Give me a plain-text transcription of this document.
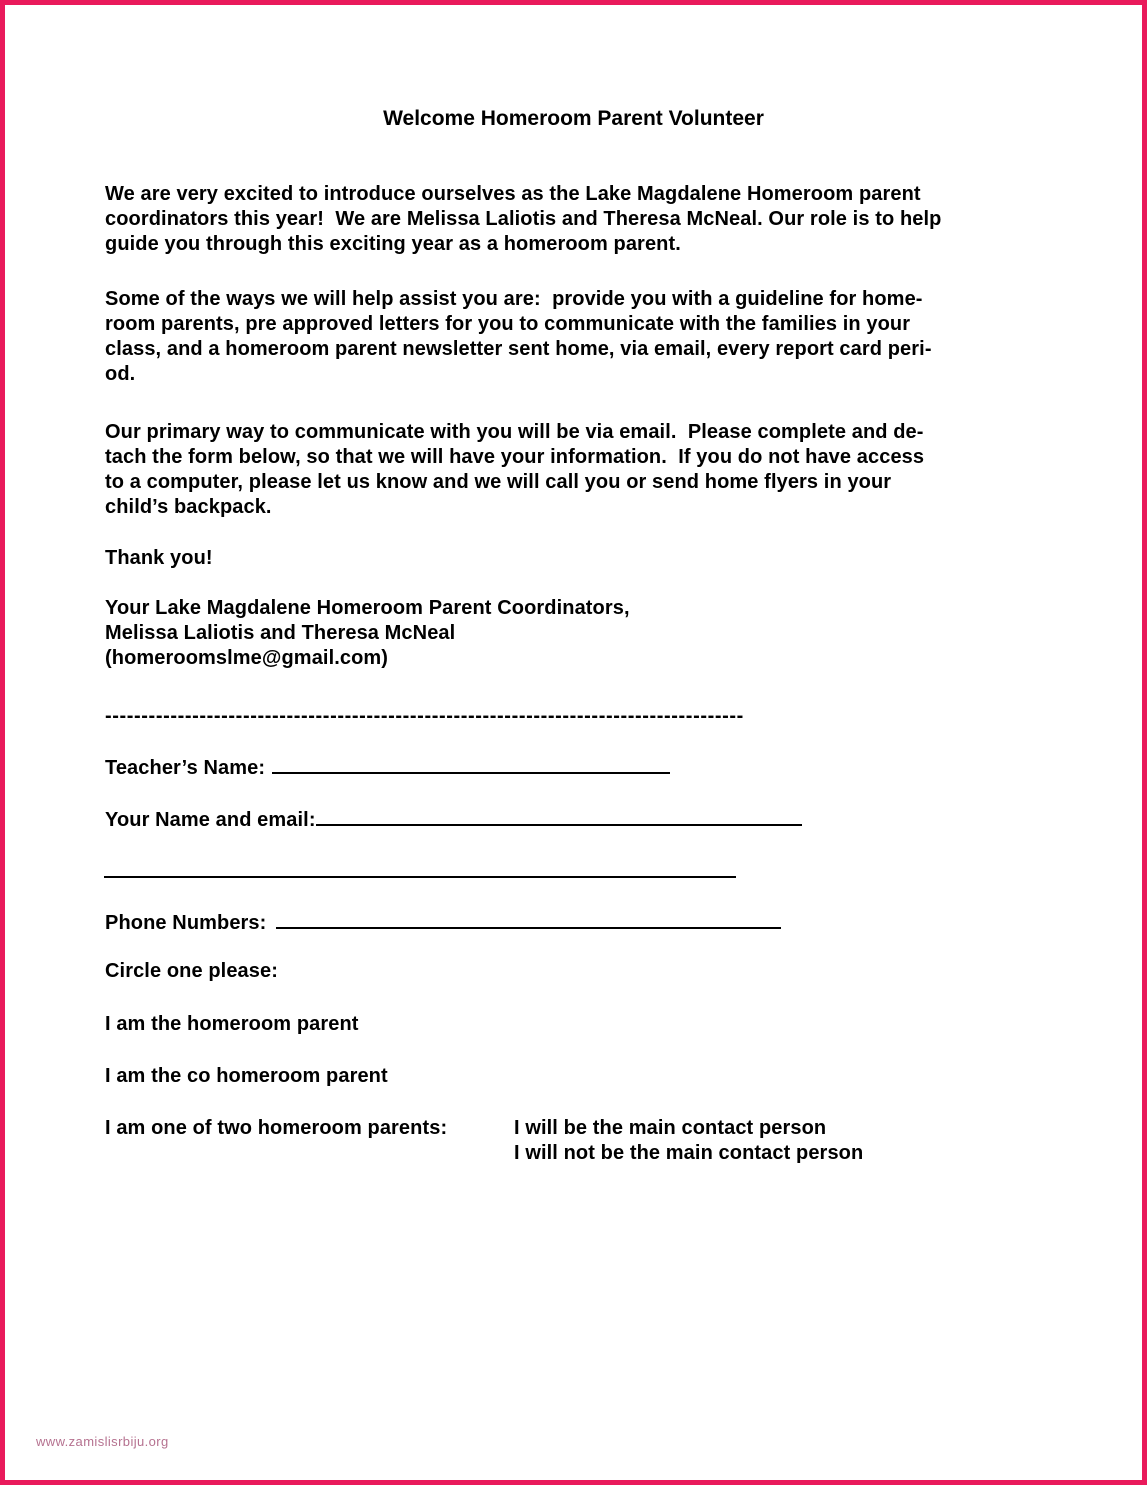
Welcome Homeroom Parent Volunteer
We are very excited to introduce ourselves as the Lake Magdalene Homeroom parent
coordinators this year!  We are Melissa Laliotis and Theresa McNeal. Our role is to help
guide you through this exciting year as a homeroom parent.
Some of the ways we will help assist you are:  provide you with a guideline for home-
room parents, pre approved letters for you to communicate with the families in your
class, and a homeroom parent newsletter sent home, via email, every report card peri-
od.
Our primary way to communicate with you will be via email.  Please complete and de-
tach the form below, so that we will have your information.  If you do not have access
to a computer, please let us know and we will call you or send home flyers in your
child’s backpack.
Thank you!
Your Lake Magdalene Homeroom Parent Coordinators,
Melissa Laliotis and Theresa McNeal
(homeroomslme@gmail.com)
----------------------------------------------------------------------------------------
Teacher’s Name:
Your Name and email:
Phone Numbers:
Circle one please:
I am the homeroom parent
I am the co homeroom parent
I am one of two homeroom parents:	I will be the main contact person
I will not be the main contact person
www.zamislisrbiju.org
